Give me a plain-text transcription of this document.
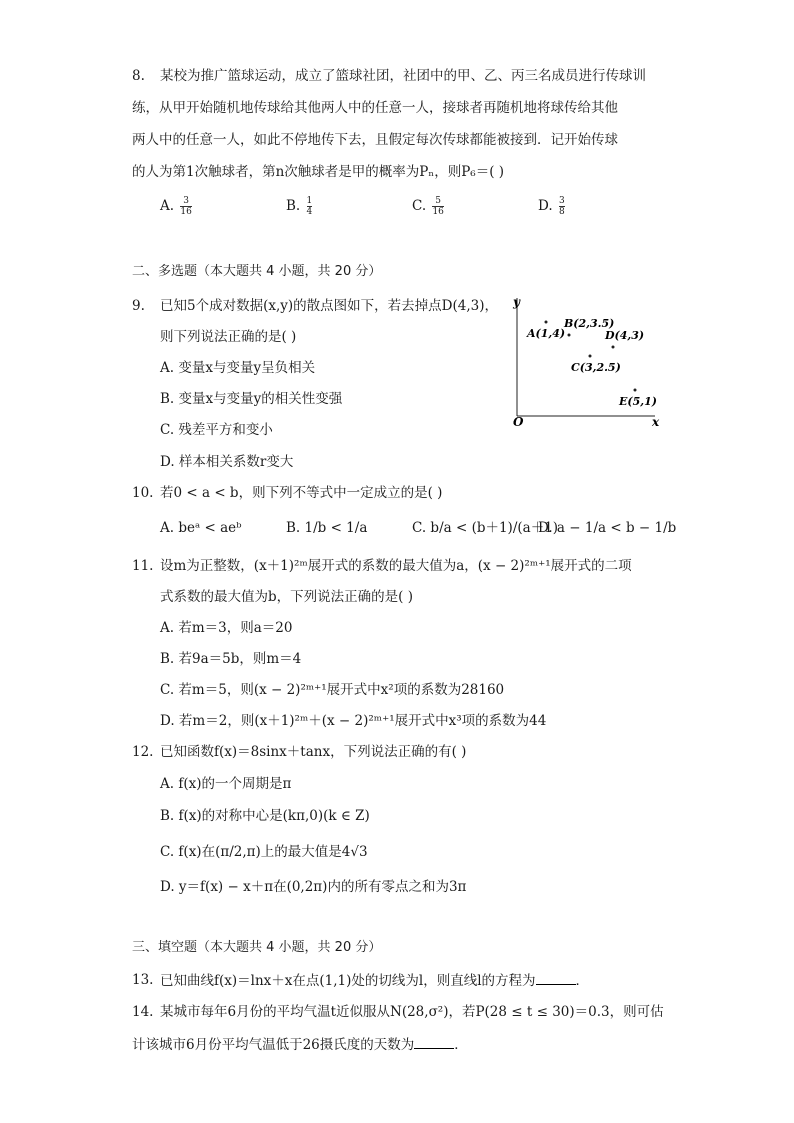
8. 某校为推广篮球运动，成立了篮球社团，社团中的甲、乙、丙三名成员进行传球训
练，从甲开始随机地传球给其他两人中的任意一人，接球者再随机地将球传给其他
两人中的任意一人，如此不停地传下去，且假定每次传球都能被接到．记开始传球
的人为第1次触球者，第n次触球者是甲的概率为Pₙ，则P₆＝( )
A. $\frac{3}{16}$	B. $\frac{1}{4}$	C. $\frac{5}{16}$	D. $\frac{3}{8}$
二、多选题（本大题共 4 小题，共 20 分）
9. 已知5个成对数据(x,y)的散点图如下，若去掉点D(4,3)，
则下列说法正确的是( )
A. 变量x与变量y呈负相关
B. 变量x与变量y的相关性变强
C. 残差平方和变小
D. 样本相关系数r变大
y
x
O
A(1,4)
B(2,3.5)
D(4,3)
C(3,2.5)
E(5,1)
10. 若0 < a < b，则下列不等式中一定成立的是( )
A. beᵃ < aeᵇ	B. 1/b < 1/a	C. b/a < (b＋1)/(a＋1)
D. a − 1/a < b − 1/b
11. 设m为正整数，(x＋1)²ᵐ展开式的系数的最大值为a，(x − 2)²ᵐ⁺¹展开式的二项
式系数的最大值为b，下列说法正确的是( )
A. 若m＝3，则a＝20
B. 若9a＝5b，则m＝4
C. 若m＝5，则(x − 2)²ᵐ⁺¹展开式中x²项的系数为28160
D. 若m＝2，则(x＋1)²ᵐ＋(x − 2)²ᵐ⁺¹展开式中x³项的系数为44
12. 已知函数f(x)＝8sinx＋tanx，下列说法正确的有( )
A. f(x)的一个周期是π
B. f(x)的对称中心是(kπ,0)(k ∈ Z)
C. f(x)在(π/2,π)上的最大值是4√3
D. y＝f(x) − x＋π在(0,2π)内的所有零点之和为3π
三、填空题（本大题共 4 小题，共 20 分）
13. 已知曲线f(x)＝lnx＋x在点(1,1)处的切线为l，则直线l的方程为	．
14. 某城市每年6月份的平均气温t近似服从N(28,σ²)，若P(28 ≤ t ≤ 30)＝0.3，则可估
计该城市6月份平均气温低于26摄氏度的天数为	．
